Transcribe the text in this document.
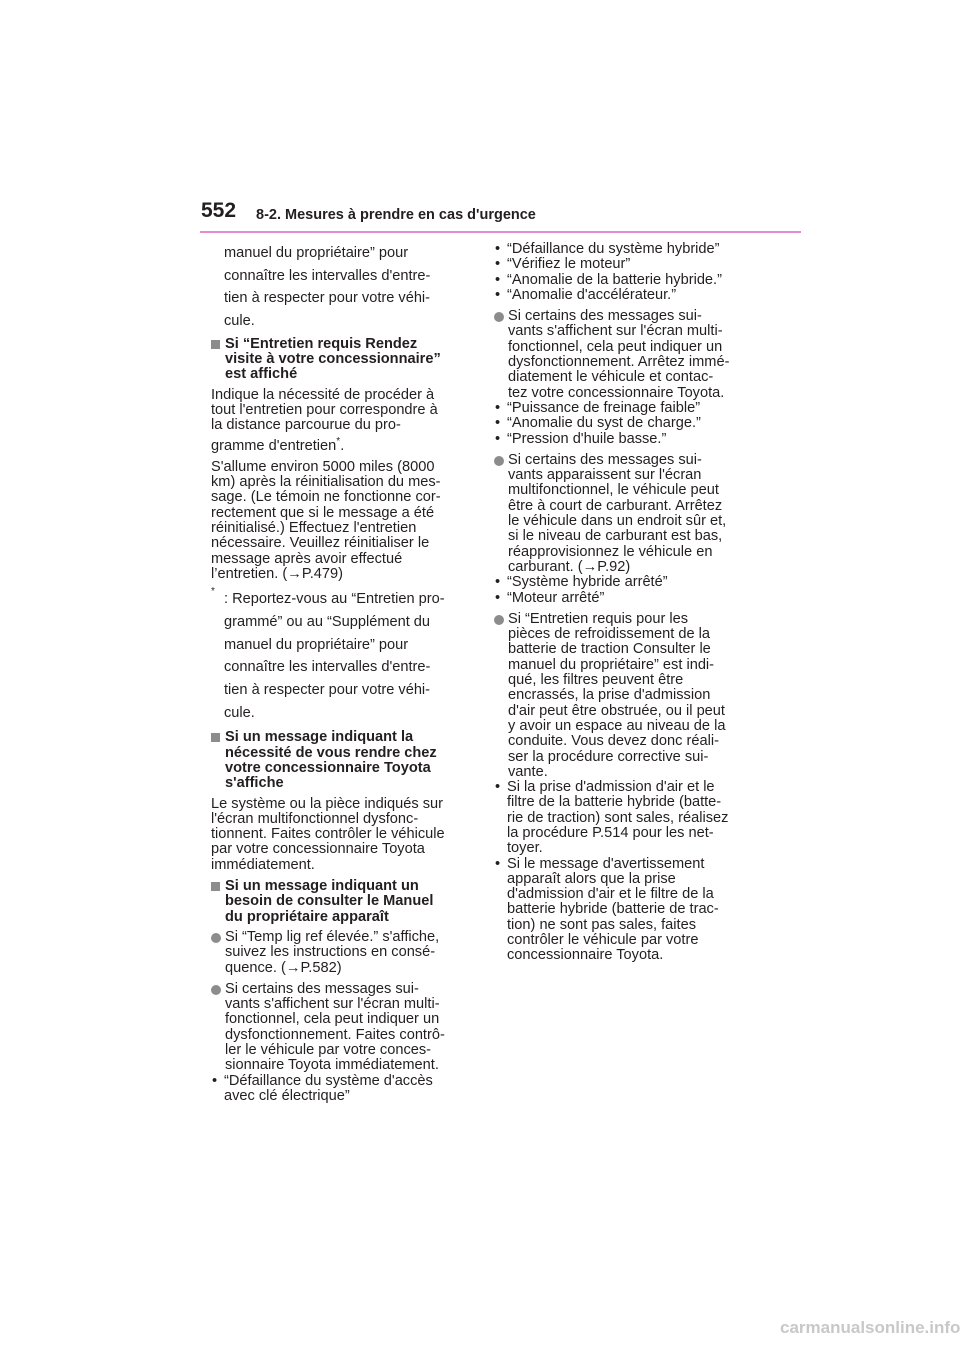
552 8-2. Mesures à prendre en cas d'urgence
manuel du propriétaire” pour
connaître les intervalles d'entre-
tien à respecter pour votre véhi-
cule.
Si “Entretien requis Rendez
visite à votre concessionnaire”
est affiché
Indique la nécessité de procéder à
tout l'entretien pour correspondre à
la distance parcourue du pro-
gramme d'entretien*.
S'allume environ 5000 miles (8000
km) après la réinitialisation du mes-
sage. (Le témoin ne fonctionne cor-
rectement que si le message a été
réinitialisé.) Effectuez l'entretien
nécessaire. Veuillez réinitialiser le
message après avoir effectué
l’entretien. (→P.479)
* : Reportez-vous au “Entretien pro-
grammé” ou au “Supplément du
manuel du propriétaire” pour
connaître les intervalles d'entre-
tien à respecter pour votre véhi-
cule.
Si un message indiquant la
nécessité de vous rendre chez
votre concessionnaire Toyota
s'affiche
Le système ou la pièce indiqués sur
l'écran multifonctionnel dysfonc-
tionnent. Faites contrôler le véhicule
par votre concessionnaire Toyota
immédiatement.
Si un message indiquant un
besoin de consulter le Manuel
du propriétaire apparaît
Si “Temp lig ref élevée.” s'affiche,
suivez les instructions en consé-
quence. (→P.582)
Si certains des messages sui-
vants s'affichent sur l'écran multi-
fonctionnel, cela peut indiquer un
dysfonctionnement. Faites contrô-
ler le véhicule par votre conces-
sionnaire Toyota immédiatement.
• “Défaillance du système d'accès
avec clé électrique”
• “Défaillance du système hybride”
• “Vérifiez le moteur”
• “Anomalie de la batterie hybride.”
• “Anomalie d'accélérateur.”
Si certains des messages sui-
vants s'affichent sur l'écran multi-
fonctionnel, cela peut indiquer un
dysfonctionnement. Arrêtez immé-
diatement le véhicule et contac-
tez votre concessionnaire Toyota.
• “Puissance de freinage faible”
• “Anomalie du syst de charge.”
• “Pression d'huile basse.”
Si certains des messages sui-
vants apparaissent sur l'écran
multifonctionnel, le véhicule peut
être à court de carburant. Arrêtez
le véhicule dans un endroit sûr et,
si le niveau de carburant est bas,
réapprovisionnez le véhicule en
carburant. (→P.92)
• “Système hybride arrêté”
• “Moteur arrêté”
Si “Entretien requis pour les
pièces de refroidissement de la
batterie de traction Consulter le
manuel du propriétaire” est indi-
qué, les filtres peuvent être
encrassés, la prise d'admission
d'air peut être obstruée, ou il peut
y avoir un espace au niveau de la
conduite. Vous devez donc réali-
ser la procédure corrective sui-
vante.
• Si la prise d'admission d'air et le
filtre de la batterie hybride (batte-
rie de traction) sont sales, réalisez
la procédure P.514 pour les net-
toyer.
• Si le message d'avertissement
apparaît alors que la prise
d'admission d'air et le filtre de la
batterie hybride (batterie de trac-
tion) ne sont pas sales, faites
contrôler le véhicule par votre
concessionnaire Toyota.
carmanualsonline.info
